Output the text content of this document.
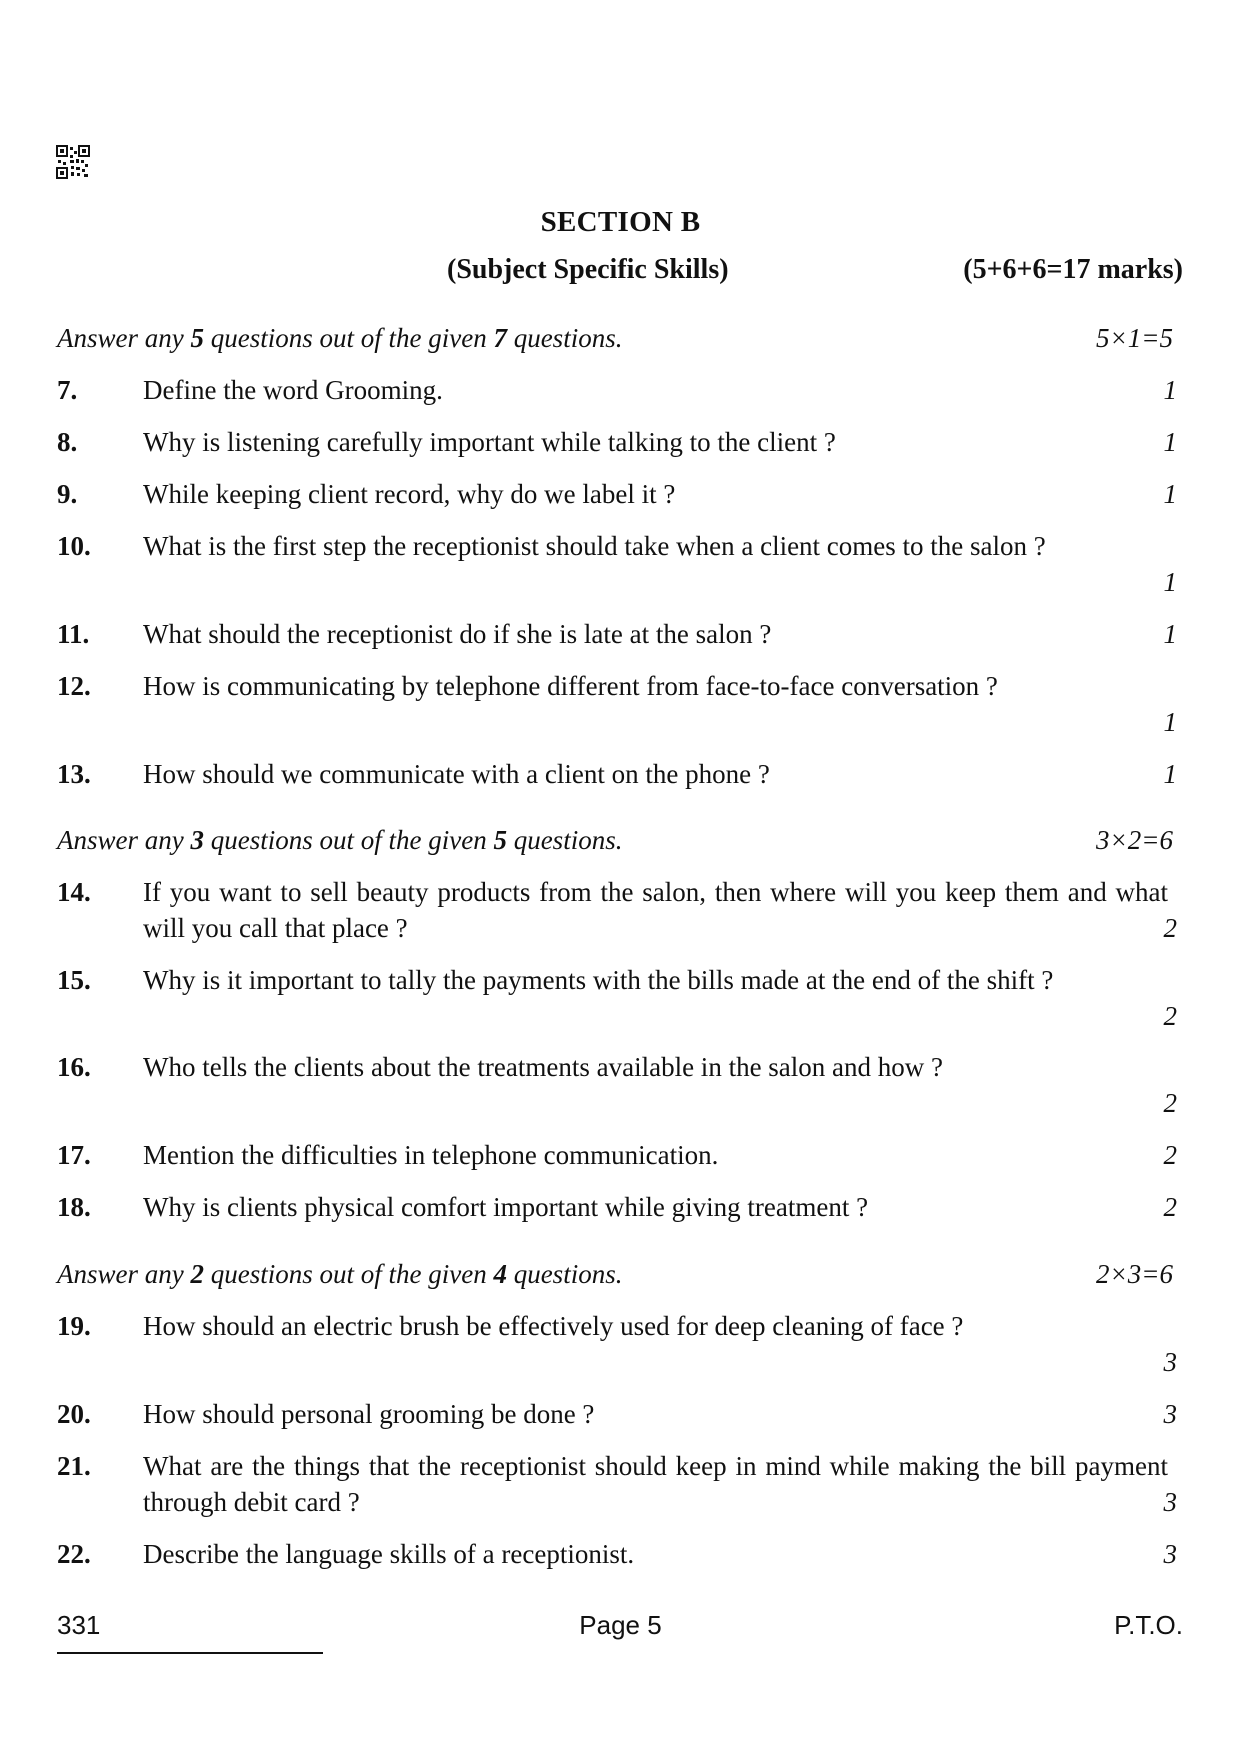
SECTION B
(Subject Specific Skills)	(5+6+6=17 marks)
Answer any 5 questions out of the given 7 questions.	5×1=5
7. Define the word Grooming.	1
8. Why is listening carefully important while talking to the client ?	1
9. While keeping client record, why do we label it ?	1
10. What is the first step the receptionist should take when a client comes to the salon ?
1
11. What should the receptionist do if she is late at the salon ?	1
12. How is communicating by telephone different from face-to-face conversation ?
1
13. How should we communicate with a client on the phone ?	1
Answer any 3 questions out of the given 5 questions.	3×2=6
14. If you want to sell beauty products from the salon, then where will you keep them and what will you call that place ?	2
15. Why is it important to tally the payments with the bills made at the end of the shift ?
2
16. Who tells the clients about the treatments available in the salon and how ?
2
17. Mention the difficulties in telephone communication.	2
18. Why is clients physical comfort important while giving treatment ?	2
Answer any 2 questions out of the given 4 questions.	2×3=6
19. How should an electric brush be effectively used for deep cleaning of face ?
3
20. How should personal grooming be done ?	3
21. What are the things that the receptionist should keep in mind while making the bill payment through debit card ?	3
22. Describe the language skills of a receptionist.	3
331	Page 5	P.T.O.
